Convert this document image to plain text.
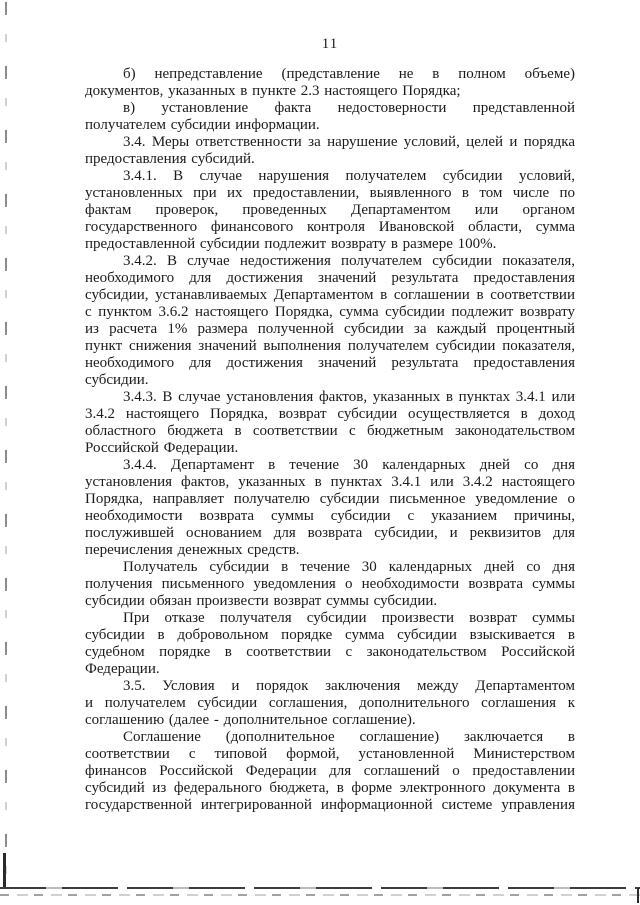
11
б) непредставление (представление не в полном объеме)
документов, указанных в пункте 2.3 настоящего Порядка;
в) установление факта недостоверности представленной
получателем субсидии информации.
3.4. Меры ответственности за нарушение условий, целей и порядка
предоставления субсидий.
3.4.1. В случае нарушения получателем субсидии условий,
установленных при их предоставлении, выявленного в том числе по
фактам проверок, проведенных Департаментом или органом
государственного финансового контроля Ивановской области, сумма
предоставленной субсидии подлежит возврату в размере 100%.
3.4.2. В случае недостижения получателем субсидии показателя,
необходимого для достижения значений результата предоставления
субсидии, устанавливаемых Департаментом в соглашении в соответствии
с пунктом 3.6.2 настоящего Порядка, сумма субсидии подлежит возврату
из расчета 1% размера полученной субсидии за каждый процентный
пункт снижения значений выполнения получателем субсидии показателя,
необходимого для достижения значений результата предоставления
субсидии.
3.4.3. В случае установления фактов, указанных в пунктах 3.4.1 или
3.4.2 настоящего Порядка, возврат субсидии осуществляется в доход
областного бюджета в соответствии с бюджетным законодательством
Российской Федерации.
3.4.4. Департамент в течение 30 календарных дней со дня
установления фактов, указанных в пунктах 3.4.1 или 3.4.2 настоящего
Порядка, направляет получателю субсидии письменное уведомление о
необходимости возврата суммы субсидии с указанием причины,
послужившей основанием для возврата субсидии, и реквизитов для
перечисления денежных средств.
Получатель субсидии в течение 30 календарных дней со дня
получения письменного уведомления о необходимости возврата суммы
субсидии обязан произвести возврат суммы субсидии.
При отказе получателя субсидии произвести возврат суммы
субсидии в добровольном порядке сумма субсидии взыскивается в
судебном порядке в соответствии с законодательством Российской
Федерации.
3.5. Условия и порядок заключения между Департаментом
и получателем субсидии соглашения, дополнительного соглашения к
соглашению (далее - дополнительное соглашение).
Соглашение (дополнительное соглашение) заключается в
соответствии с типовой формой, установленной Министерством
финансов Российской Федерации для соглашений о предоставлении
субсидий из федерального бюджета, в форме электронного документа в
государственной интегрированной информационной системе управления
